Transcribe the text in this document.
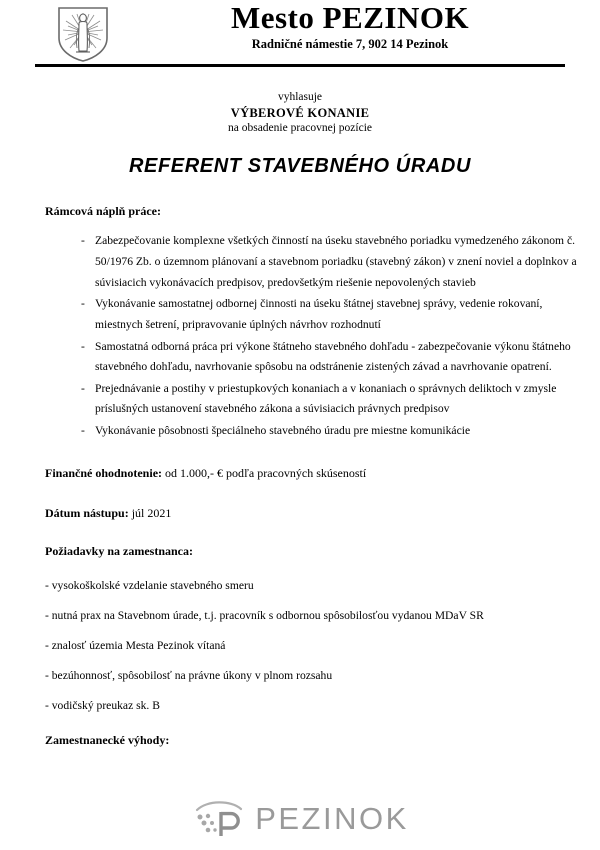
Mesto PEZINOK
Radničné námestie 7, 902 14 Pezinok
vyhlasuje
VÝBEROVÉ KONANIE
na obsadenie pracovnej pozície
REFERENT STAVEBNÉHO ÚRADU
Rámcová náplň práce:
- Zabezpečovanie komplexne všetkých činností na úseku stavebného poriadku vymedzeného zákonom č. 50/1976 Zb. o územnom plánovaní a stavebnom poriadku (stavebný zákon) v znení noviel a doplnkov a súvisiacich vykonávacích predpisov, predovšetkým riešenie nepovolených stavieb
- Vykonávanie samostatnej odbornej činnosti na úseku štátnej stavebnej správy, vedenie rokovaní, miestnych šetrení, pripravovanie úplných návrhov rozhodnutí
- Samostatná odborná práca pri výkone štátneho stavebného dohľadu - zabezpečovanie výkonu štátneho stavebného dohľadu, navrhovanie spôsobu na odstránenie zistených závad a navrhovanie opatrení.
- Prejednávanie a postihy v priestupkových konaniach a v konaniach o správnych deliktoch v zmysle príslušných ustanovení stavebného zákona a súvisiacich právnych predpisov
- Vykonávanie pôsobnosti špeciálneho stavebného úradu pre miestne komunikácie
Finančné ohodnotenie: od 1.000,- € podľa pracovných skúseností
Dátum nástupu: júl 2021
Požiadavky na zamestnanca:
- vysokoškolské vzdelanie stavebného smeru
- nutná prax na Stavebnom úrade, t.j. pracovník s odbornou spôsobilosťou vydanou MDaV SR
- znalosť územia Mesta Pezinok vítaná
- bezúhonnosť, spôsobilosť na právne úkony v plnom rozsahu
- vodičský preukaz sk. B
Zamestnanecké výhody:
PEZINOK
